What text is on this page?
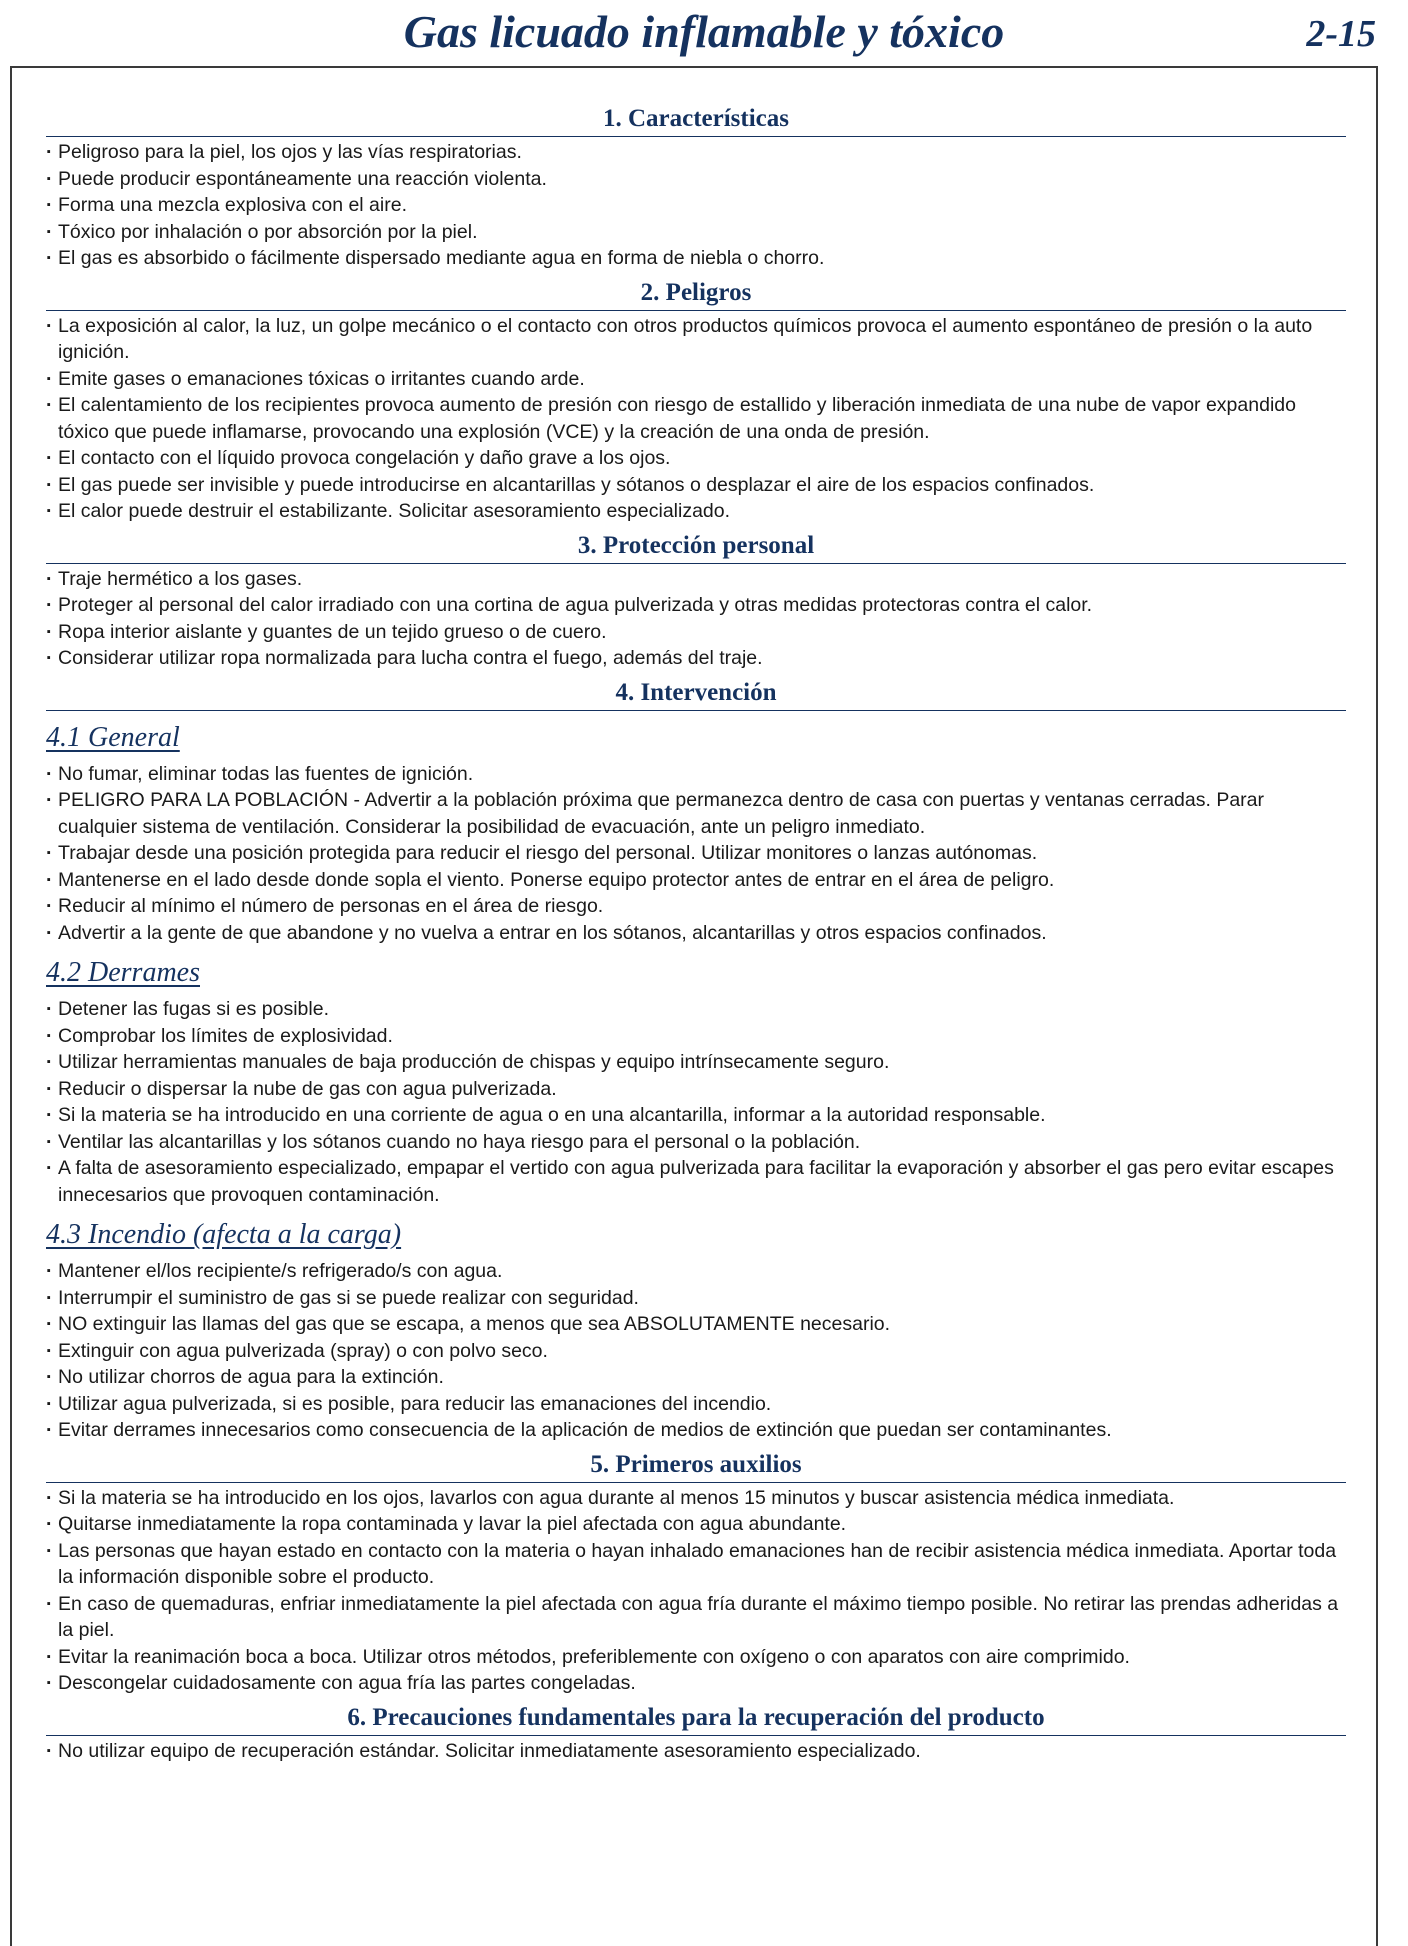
Gas licuado inflamable y tóxico	2-15
1. Características
· Peligroso para la piel, los ojos y las vías respiratorias.
· Puede producir espontáneamente una reacción violenta.
· Forma una mezcla explosiva con el aire.
· Tóxico por inhalación o por absorción por la piel.
· El gas es absorbido o fácilmente dispersado mediante agua en forma de niebla o chorro.
2. Peligros
· La exposición al calor, la luz, un golpe mecánico o el contacto con otros productos químicos provoca el aumento espontáneo de presión o la auto ignición.
· Emite gases o emanaciones tóxicas o irritantes cuando arde.
· El calentamiento de los recipientes provoca aumento de presión con riesgo de estallido y liberación inmediata de una nube de vapor expandido tóxico que puede inflamarse, provocando una explosión (VCE) y la creación de una onda de presión.
· El contacto con el líquido provoca congelación y daño grave a los ojos.
· El gas puede ser invisible y puede introducirse en alcantarillas y sótanos o desplazar el aire de los espacios confinados.
· El calor puede destruir el estabilizante. Solicitar asesoramiento especializado.
3. Protección personal
· Traje hermético a los gases.
· Proteger al personal del calor irradiado con una cortina de agua pulverizada y otras medidas protectoras contra el calor.
· Ropa interior aislante y guantes de un tejido grueso o de cuero.
· Considerar utilizar ropa normalizada para lucha contra el fuego, además del traje.
4. Intervención
4.1 General
· No fumar, eliminar todas las fuentes de ignición.
· PELIGRO PARA LA POBLACIÓN - Advertir a la población próxima que permanezca dentro de casa con puertas y ventanas cerradas. Parar cualquier sistema de ventilación. Considerar la posibilidad de evacuación, ante un peligro inmediato.
· Trabajar desde una posición protegida para reducir el riesgo del personal. Utilizar monitores o lanzas autónomas.
· Mantenerse en el lado desde donde sopla el viento. Ponerse equipo protector antes de entrar en el área de peligro.
· Reducir al mínimo el número de personas en el área de riesgo.
· Advertir a la gente de que abandone y no vuelva a entrar en los sótanos, alcantarillas y otros espacios confinados.
4.2 Derrames
· Detener las fugas si es posible.
· Comprobar los límites de explosividad.
· Utilizar herramientas manuales de baja producción de chispas y equipo intrínsecamente seguro.
· Reducir o dispersar la nube de gas con agua pulverizada.
· Si la materia se ha introducido en una corriente de agua o en una alcantarilla, informar a la autoridad responsable.
· Ventilar las alcantarillas y los sótanos cuando no haya riesgo para el personal o la población.
· A falta de asesoramiento especializado, empapar el vertido con agua pulverizada para facilitar la evaporación y absorber el gas pero evitar escapes innecesarios que provoquen contaminación.
4.3 Incendio (afecta a la carga)
· Mantener el/los recipiente/s refrigerado/s con agua.
· Interrumpir el suministro de gas si se puede realizar con seguridad.
· NO extinguir las llamas del gas que se escapa, a menos que sea ABSOLUTAMENTE necesario.
· Extinguir con agua pulverizada (spray) o con polvo seco.
· No utilizar chorros de agua para la extinción.
· Utilizar agua pulverizada, si es posible, para reducir las emanaciones del incendio.
· Evitar derrames innecesarios como consecuencia de la aplicación de medios de extinción que puedan ser contaminantes.
5. Primeros auxilios
· Si la materia se ha introducido en los ojos, lavarlos con agua durante al menos 15 minutos y buscar asistencia médica inmediata.
· Quitarse inmediatamente la ropa contaminada y lavar la piel afectada con agua abundante.
· Las personas que hayan estado en contacto con la materia o hayan inhalado emanaciones han de recibir asistencia médica inmediata. Aportar toda la información disponible sobre el producto.
· En caso de quemaduras, enfriar inmediatamente la piel afectada con agua fría durante el máximo tiempo posible. No retirar las prendas adheridas a la piel.
· Evitar la reanimación boca a boca. Utilizar otros métodos, preferiblemente con oxígeno o con aparatos con aire comprimido.
· Descongelar cuidadosamente con agua fría las partes congeladas.
6. Precauciones fundamentales para la recuperación del producto
· No utilizar equipo de recuperación estándar. Solicitar inmediatamente asesoramiento especializado.
